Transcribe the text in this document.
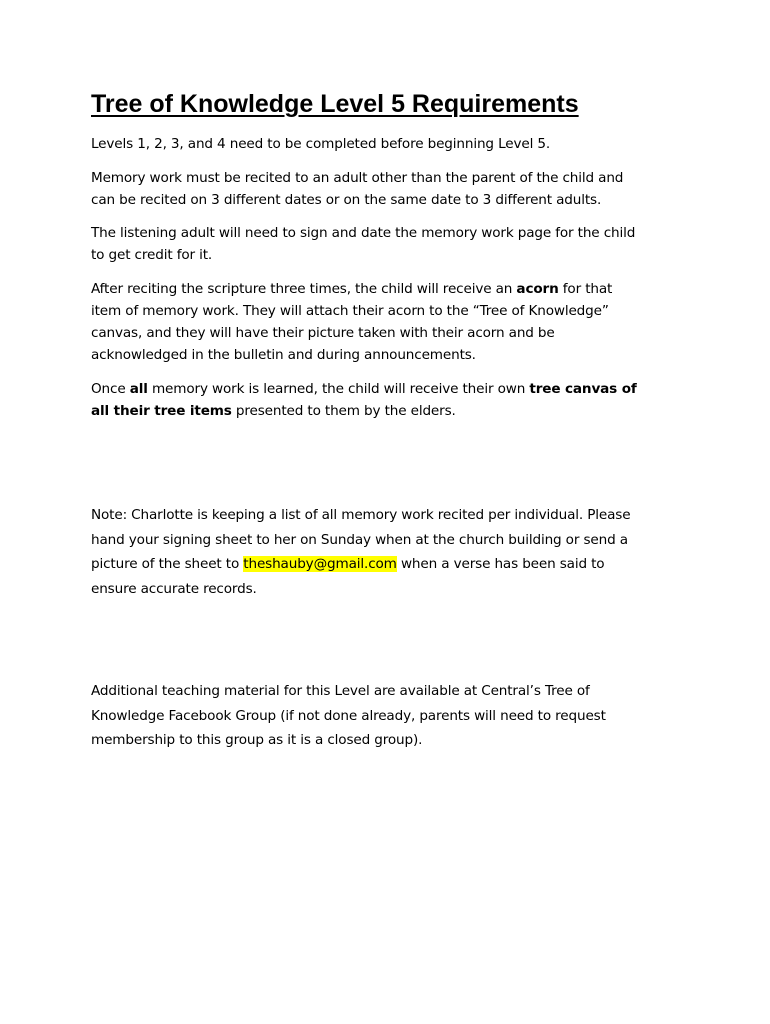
Tree of Knowledge Level 5 Requirements

Levels 1, 2, 3, and 4 need to be completed before beginning Level 5.

Memory work must be recited to an adult other than the parent of the child and
can be recited on 3 different dates or on the same date to 3 different adults.

The listening adult will need to sign and date the memory work page for the child
to get credit for it.

After reciting the scripture three times, the child will receive an acorn for that
item of memory work. They will attach their acorn to the “Tree of Knowledge”
canvas, and they will have their picture taken with their acorn and be
acknowledged in the bulletin and during announcements.

Once all memory work is learned, the child will receive their own tree canvas of
all their tree items presented to them by the elders.

Note: Charlotte is keeping a list of all memory work recited per individual. Please
hand your signing sheet to her on Sunday when at the church building or send a
picture of the sheet to theshauby@gmail.com when a verse has been said to
ensure accurate records.

Additional teaching material for this Level are available at Central’s Tree of
Knowledge Facebook Group (if not done already, parents will need to request
membership to this group as it is a closed group).
